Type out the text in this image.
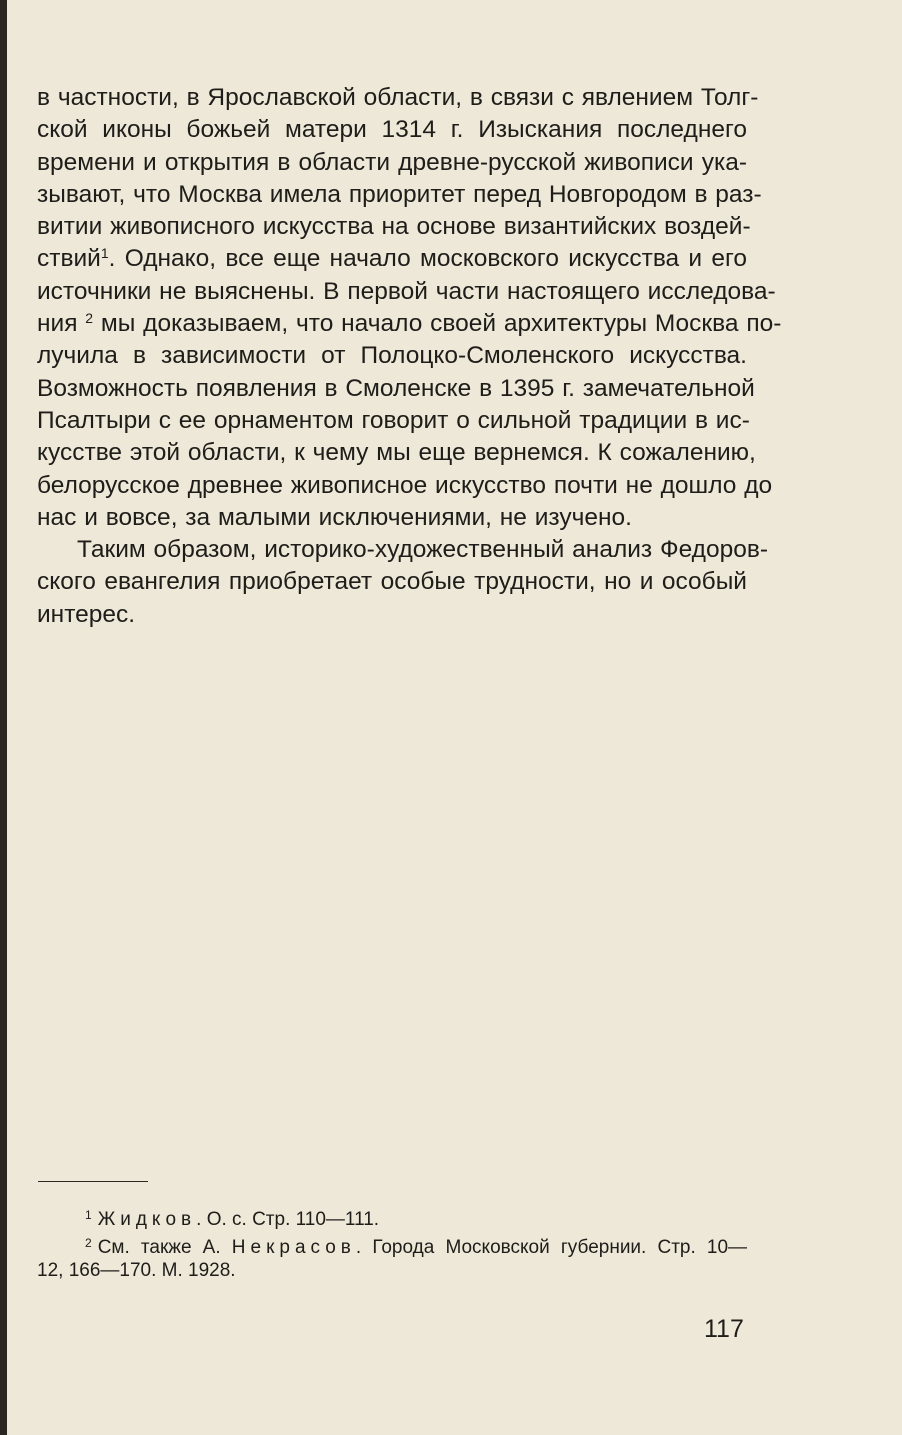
в частности, в Ярославской области, в связи с явлением Толг-
ской иконы божьей матери 1314 г. Изыскания последнего
времени и открытия в области древне-русской живописи ука-
зывают, что Москва имела приоритет перед Новгородом в раз-
витии живописного искусства на основе византийских воздей-
ствий$^1$. Однако, все еще начало московского искусства и его
источники не выяснены. В первой части настоящего исследова-
ния $^2$ мы доказываем, что начало своей архитектуры Москва по-
лучила в зависимости от Полоцко-Смоленского искусства.
Возможность появления в Смоленске в 1395 г. замечательной
Псалтыри с ее орнаментом говорит о сильной традиции в ис-
кусстве этой области, к чему мы еще вернемся. К сожалению,
белорусское древнее живописное искусство почти не дошло до
нас и вовсе, за малыми исключениями, не изучено.
Таким образом, историко-художественный анализ Федоров-
ского евангелия приобретает особые трудности, но и особый
интерес.
$^1$ Жидков. О. с. Стр. 110—111.
$^2$ См. также А. Некрасов. Города Московской губернии. Стр. 10—
12, 166—170. М. 1928.
117
